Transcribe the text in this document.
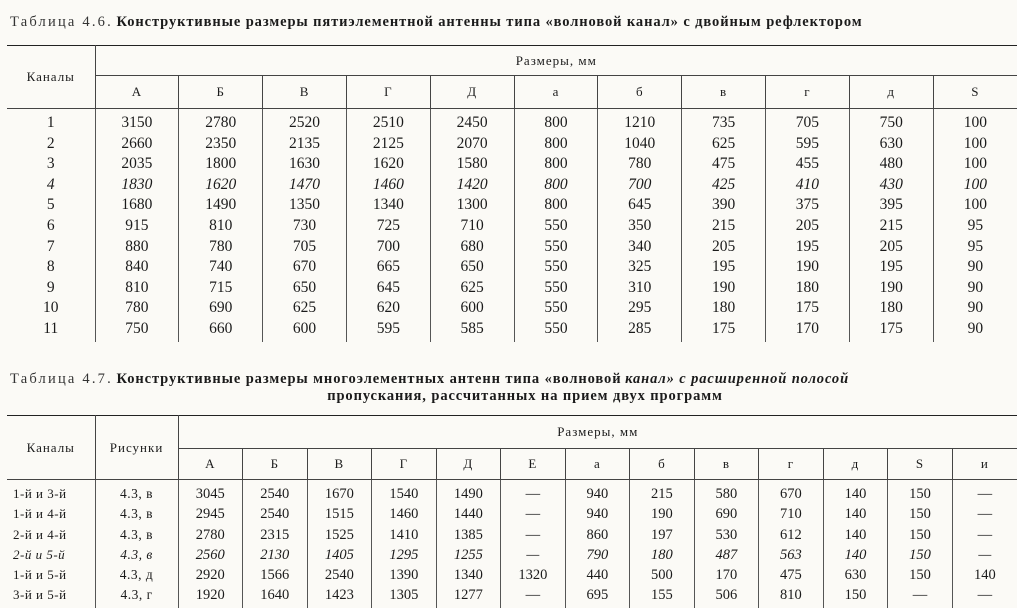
Таблица 4.6. Конструктивные размеры пятиэлементной антенны типа «волновой канал» с двойным рефлектором
Каналы	Размеры, мм										
	А	Б	В	Г	Д	а	б	в	г	д	S
1	3150	2780	2520	2510	2450	800	1210	735	705	750	100
2	2660	2350	2135	2125	2070	800	1040	625	595	630	100
3	2035	1800	1630	1620	1580	800	780	475	455	480	100
4	1830	1620	1470	1460	1420	800	700	425	410	430	100
5	1680	1490	1350	1340	1300	800	645	390	375	395	100
6	915	810	730	725	710	550	350	215	205	215	95
7	880	780	705	700	680	550	340	205	195	205	95
8	840	740	670	665	650	550	325	195	190	195	90
9	810	715	650	645	625	550	310	190	180	190	90
10	780	690	625	620	600	550	295	180	175	180	90
11	750	660	600	595	585	550	285	175	170	175	90
Таблица 4.7. Конструктивные размеры многоэлементных антенн типа «волновой канал» с расширенной полосой
пропускания, рассчитанных на прием двух программ
Каналы	Рисунки	Размеры, мм												
		А	Б	В	Г	Д	Е	а	б	в	г	д	S	и
1-й и 3-й	4.3, в	3045	2540	1670	1540	1490	—	940	215	580	670	140	150	—
1-й и 4-й	4.3, в	2945	2540	1515	1460	1440	—	940	190	690	710	140	150	—
2-й и 4-й	4.3, в	2780	2315	1525	1410	1385	—	860	197	530	612	140	150	—
2-й и 5-й	4.3, в	2560	2130	1405	1295	1255	—	790	180	487	563	140	150	—
1-й и 5-й	4.3, д	2920	1566	2540	1390	1340	1320	440	500	170	475	630	150	140
3-й и 5-й	4.3, г	1920	1640	1423	1305	1277	—	695	155	506	810	150	—	—
